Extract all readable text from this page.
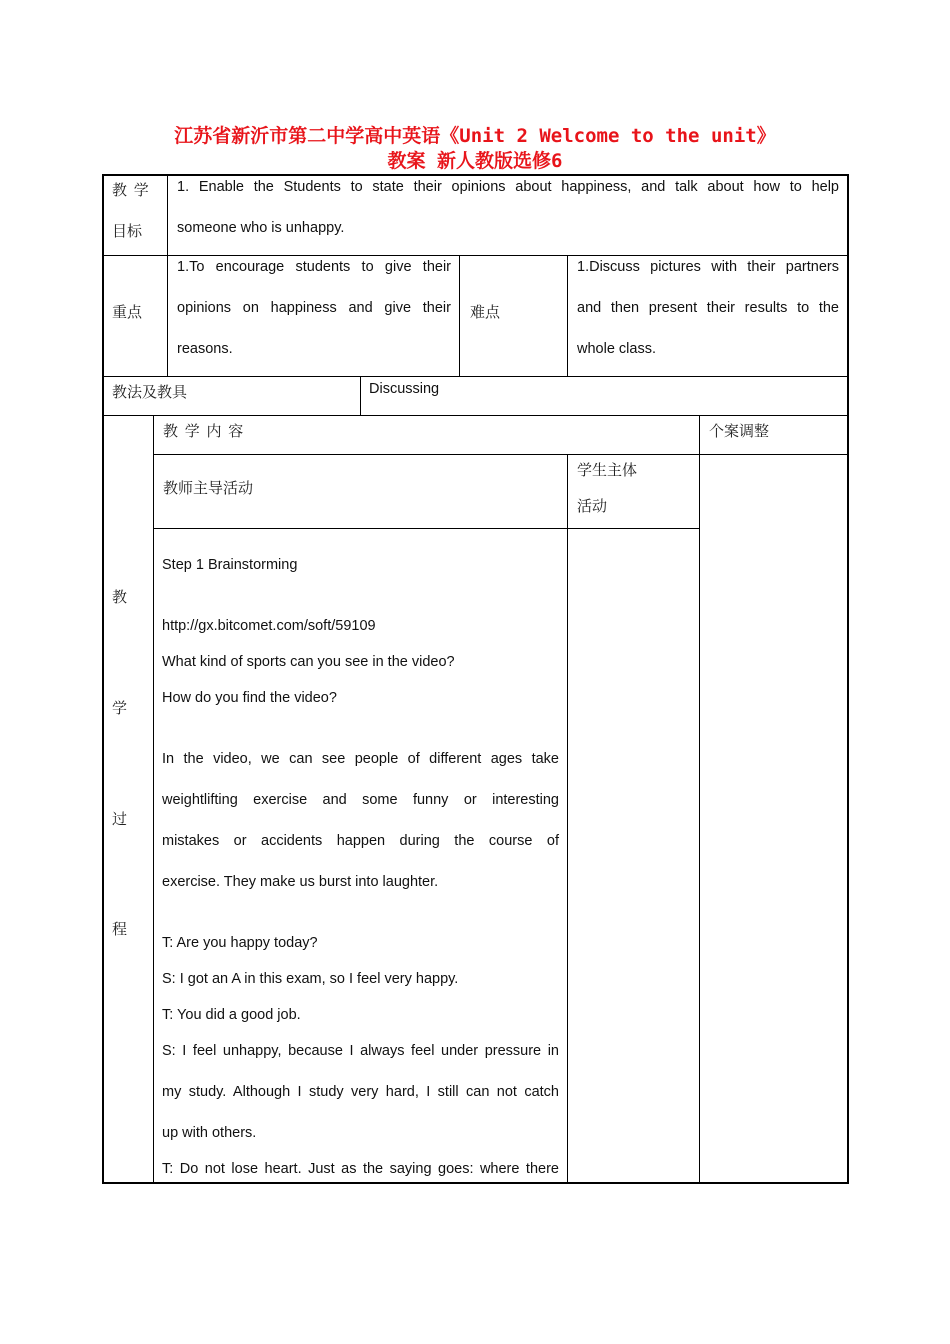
江苏省新沂市第二中学高中英语《Unit 2 Welcome to the unit》
教案 新人教版选修6
教 学
目标
1. Enable the Students to state their opinions about happiness, and talk about how to help
someone who is unhappy.
重点
1.To encourage students to give their
opinions on happiness and give their
reasons.
难点
1.Discuss pictures with their partners
and then present their results to the
whole class.
教法及教具	Discussing
教
学
过
程
教 学 内 容	个案调整
教师主导活动
学生主体
活动
Step 1 Brainstorming
http://gx.bitcomet.com/soft/59109
What kind of sports can you see in the video?
How do you find the video?
In the video, we can see people of different ages take
weightlifting exercise and some funny or interesting
mistakes or accidents happen during the course of
exercise. They make us burst into laughter.
T: Are you happy today?
S: I got an A in this exam, so I feel very happy.
T: You did a good job.
S: I feel unhappy, because I always feel under pressure in
my study. Although I study very hard, I still can not catch
up with others.
T: Do not lose heart. Just as the saying goes: where there
